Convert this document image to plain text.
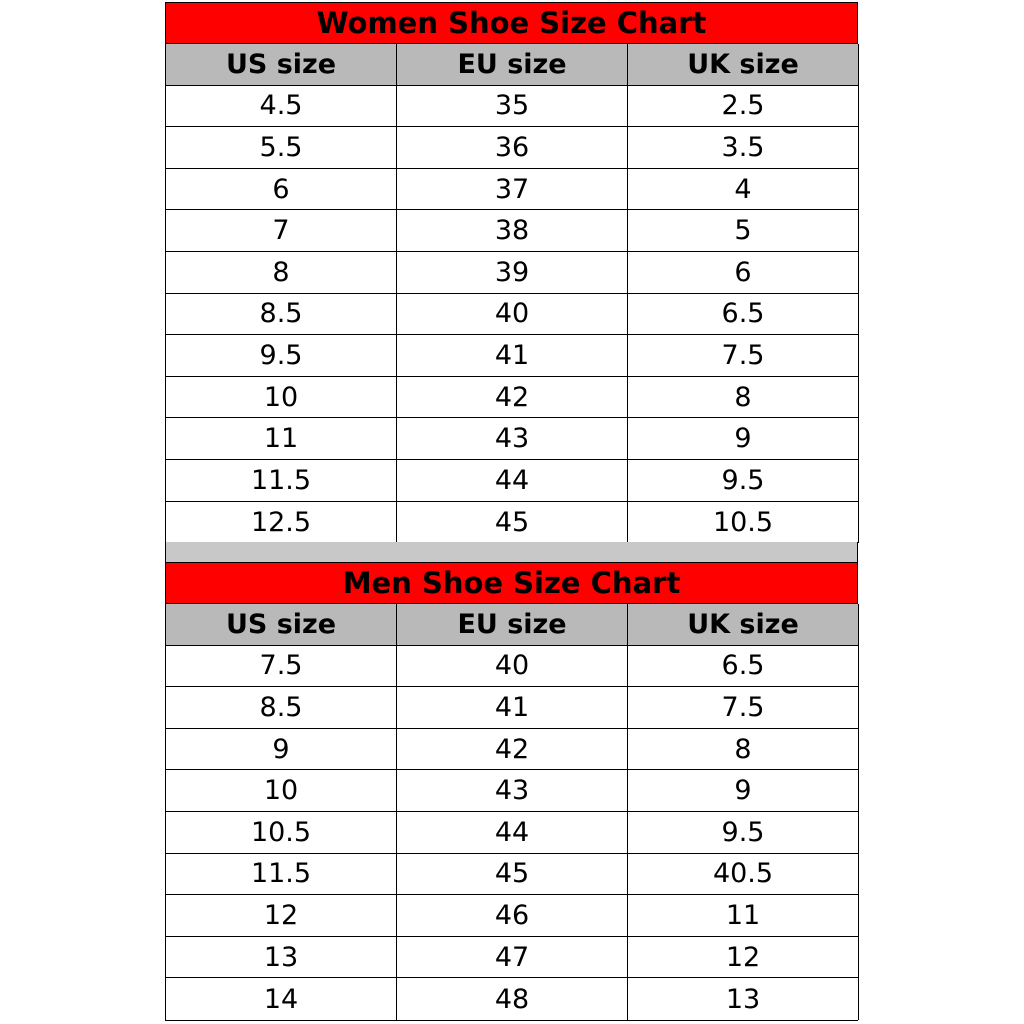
Women Shoe Size Chart
US size	EU size	UK size
4.5	35	2.5
5.5	36	3.5
6	37	4
7	38	5
8	39	6
8.5	40	6.5
9.5	41	7.5
10	42	8
11	43	9
11.5	44	9.5
12.5	45	10.5
Men Shoe Size Chart
US size	EU size	UK size
7.5	40	6.5
8.5	41	7.5
9	42	8
10	43	9
10.5	44	9.5
11.5	45	40.5
12	46	11
13	47	12
14	48	13
